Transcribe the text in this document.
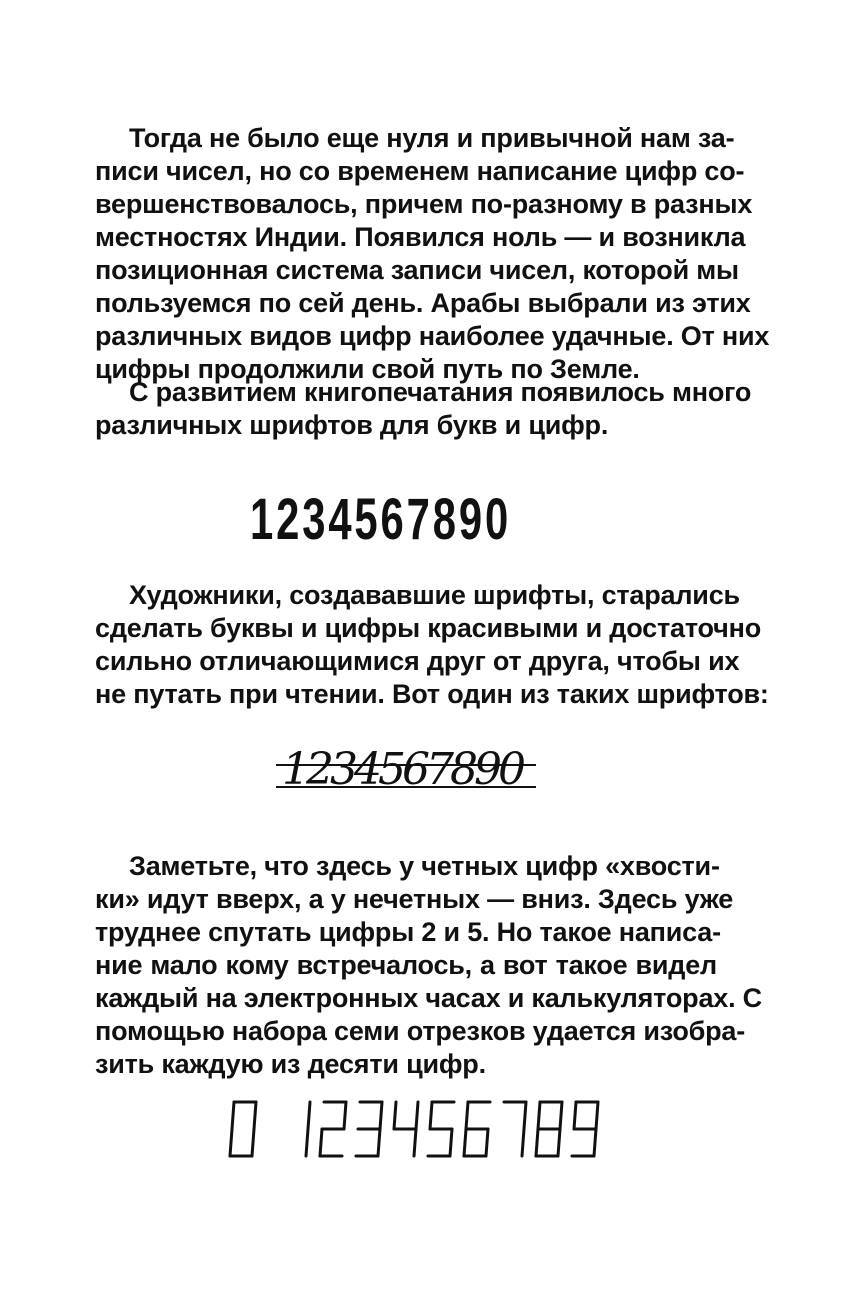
Тогда не было еще нуля и привычной нам за-
писи чисел, но со временем написание цифр со-
вершенствовалось, причем по-разному в разных
местностях Индии. Появился ноль — и возникла
позиционная система записи чисел, которой мы
пользуемся по сей день. Арабы выбрали из этих
различных видов цифр наиболее удачные. От них
цифры продолжили свой путь по Земле.
С развитием книгопечатания появилось много
различных шрифтов для букв и цифр.
1234567890
Художники, создававшие шрифты, старались
сделать буквы и цифры красивыми и достаточно
сильно отличающимися друг от друга, чтобы их
не путать при чтении. Вот один из таких шрифтов:
1234567890
Заметьте, что здесь у четных цифр «хвости-
ки» идут вверх, а у нечетных — вниз. Здесь уже
труднее спутать цифры 2 и 5. Но такое написа-
ние мало кому встречалось, а вот такое видел
каждый на электронных часах и калькуляторах. С
помощью набора семи отрезков удается изобра-
зить каждую из десяти цифр.
